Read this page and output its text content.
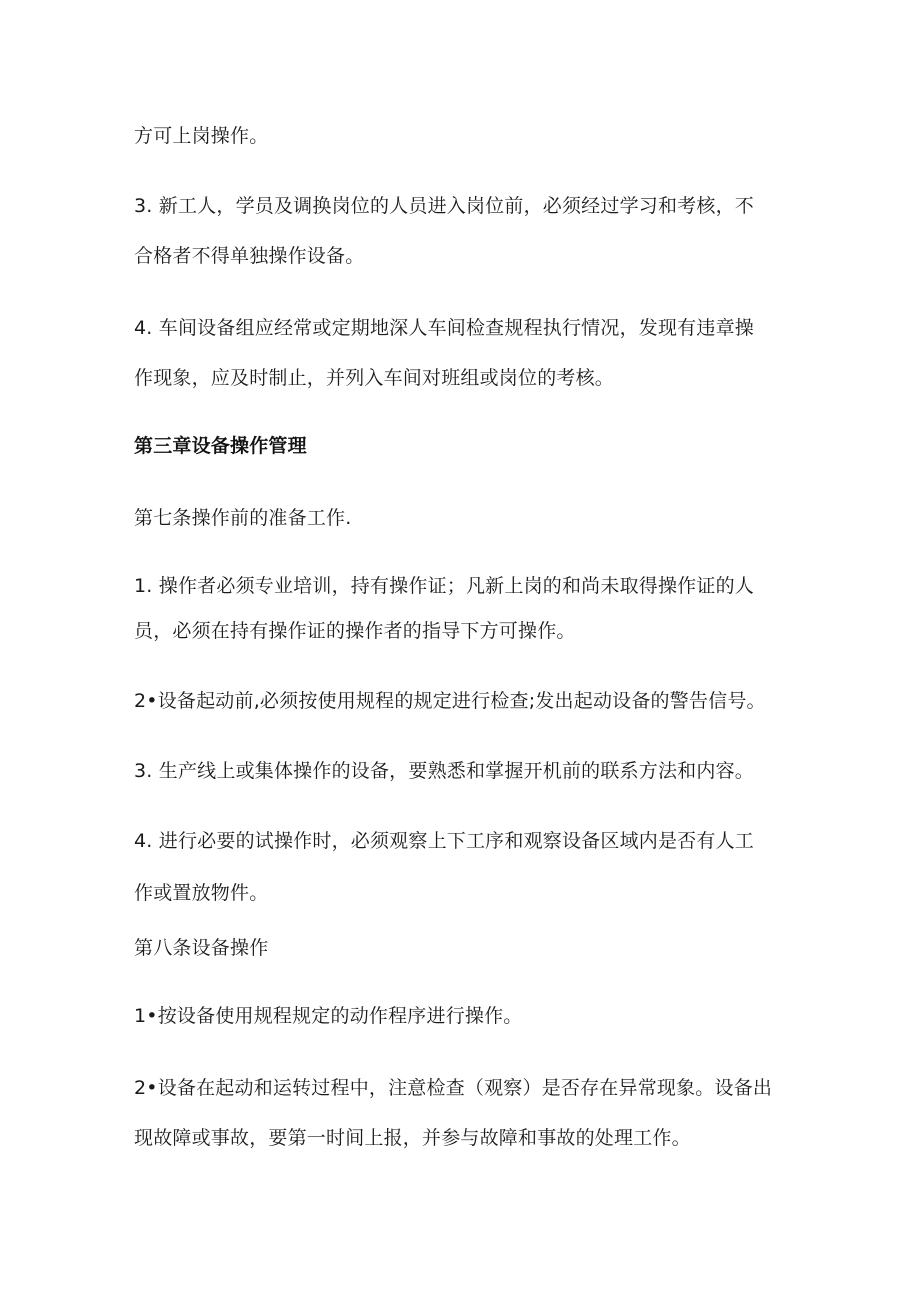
方可上岗操作。

3. 新工人，学员及调换岗位的人员进入岗位前，必须经过学习和考核，不

合格者不得单独操作设备。

4. 车间设备组应经常或定期地深人车间检查规程执行情况，发现有违章操

作现象，应及时制止，并列入车间对班组或岗位的考核。

第三章设备操作管理

第七条操作前的准备工作.

1. 操作者必须专业培训，持有操作证；凡新上岗的和尚未取得操作证的人

员，必须在持有操作证的操作者的指导下方可操作。

2•设备起动前,必须按使用规程的规定进行检查;发出起动设备的警告信号。

3. 生产线上或集体操作的设备，要熟悉和掌握开机前的联系方法和内容。

4. 进行必要的试操作时，必须观察上下工序和观察设备区域内是否有人工

作或置放物件。

第八条设备操作

1•按设备使用规程规定的动作程序进行操作。

2•设备在起动和运转过程中，注意检查（观察）是否存在异常现象。设备出

现故障或事故，要第一时间上报，并参与故障和事故的处理工作。
